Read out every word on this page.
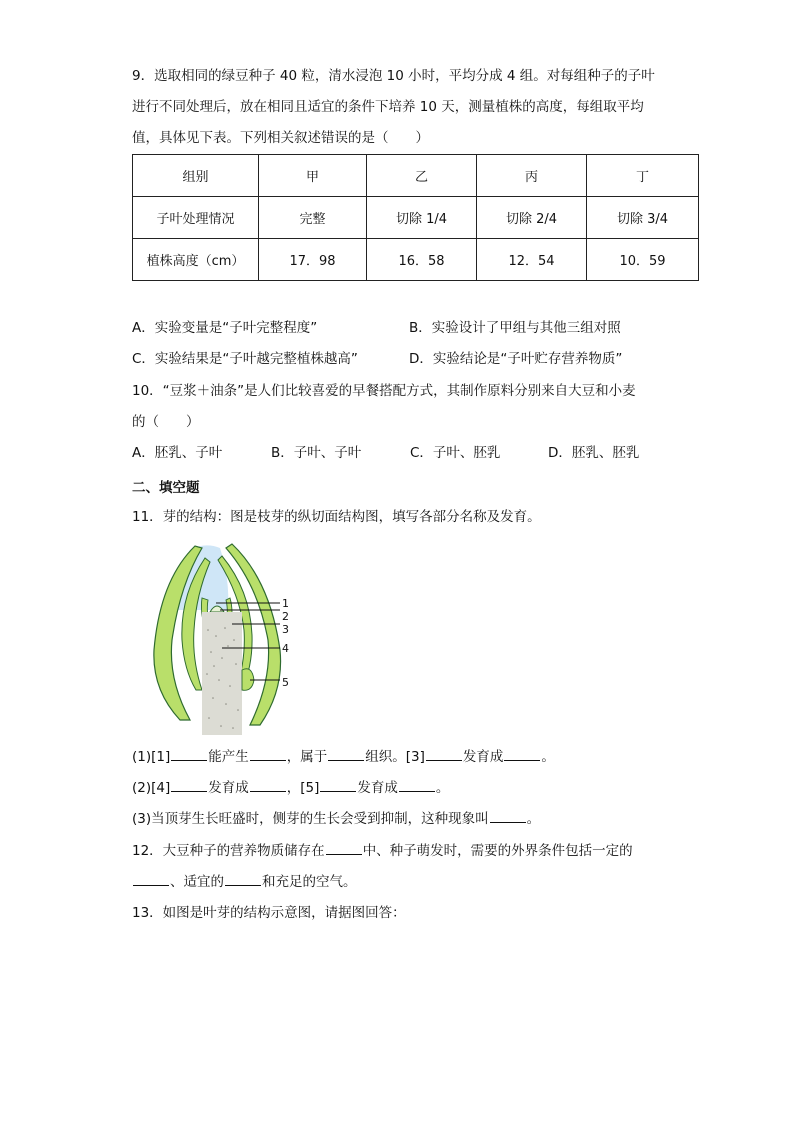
9．选取相同的绿豆种子 40 粒，清水浸泡 10 小时，平均分成 4 组。对每组种子的子叶
进行不同处理后，放在相同且适宜的条件下培养 10 天，测量植株的高度，每组取平均
值，具体见下表。下列相关叙述错误的是（　　）
组别	甲	乙	丙	丁
子叶处理情况	完整	切除 1/4	切除 2/4	切除 3/4
植株高度（cm）	17．98	16．58	12．54	10．59
A．实验变量是“子叶完整程度”	B．实验设计了甲组与其他三组对照
C．实验结果是“子叶越完整植株越高”	D．实验结论是“子叶贮存营养物质”
10．“豆浆＋油条”是人们比较喜爱的早餐搭配方式，其制作原料分别来自大豆和小麦
的（　　）
A．胚乳、子叶	B．子叶、子叶	C．子叶、胚乳	D．胚乳、胚乳
二、填空题
11．芽的结构：图是枝芽的纵切面结构图，填写各部分名称及发育。
1
2
3
4
5
(1)[1]	能产生	，属于	组织。[3]	发育成	。
(2)[4]	发育成	，[5]	发育成	。
(3)当顶芽生长旺盛时，侧芽的生长会受到抑制，这种现象叫	。
12．大豆种子的营养物质储存在	中、种子萌发时，需要的外界条件包括一定的
、适宜的	和充足的空气。
13．如图是叶芽的结构示意图，请据图回答：
